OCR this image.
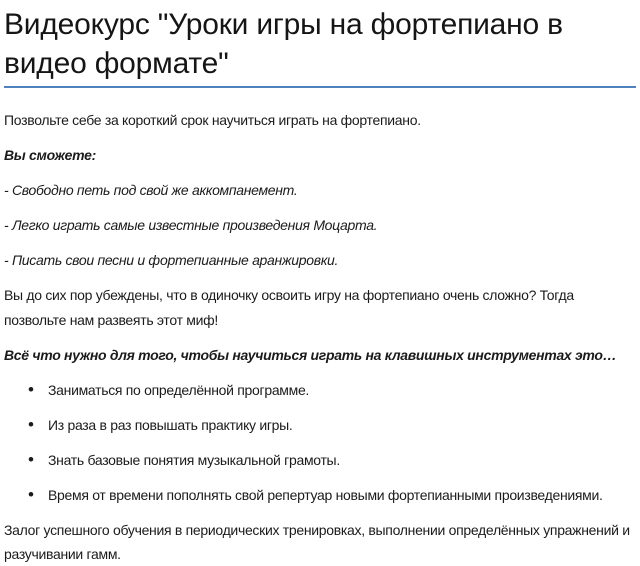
Видеокурс "Уроки игры на фортепиано в видео формате"

Позвольте себе за короткий срок научиться играть на фортепиано.

Вы сможете:

- Свободно петь под свой же аккомпанемент.

- Легко играть самые известные произведения Моцарта.

- Писать свои песни и фортепианные аранжировки.

Вы до сих пор убеждены, что в одиночку освоить игру на фортепиано очень сложно? Тогда позвольте нам развеять этот миф!

Всё что нужно для того, чтобы научиться играть на клавишных инструментах это…

• Заниматься по определённой программе.
• Из раза в раз повышать практику игры.
• Знать базовые понятия музыкальной грамоты.
• Время от времени пополнять свой репертуар новыми фортепианными произведениями.

Залог успешного обучения в периодических тренировках, выполнении определённых упражнений и разучивании гамм.
